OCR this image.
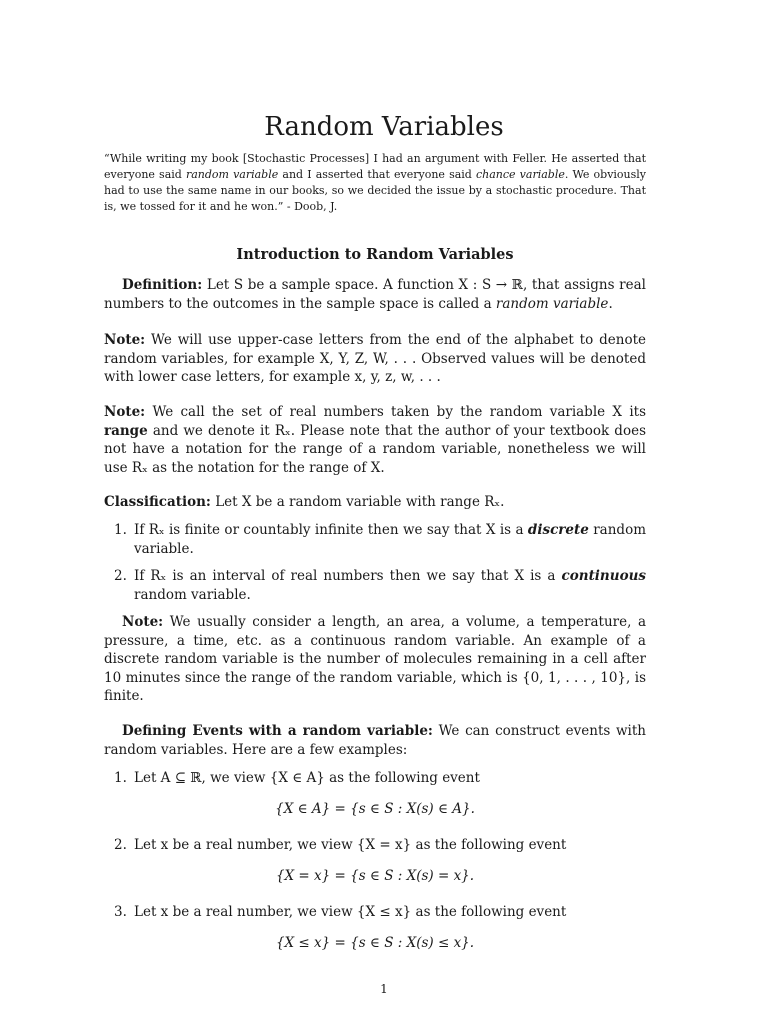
Random Variables
“While writing my book [Stochastic Processes] I had an argument with Feller. He asserted that everyone said random variable and I asserted that everyone said chance variable. We obviously had to use the same name in our books, so we decided the issue by a stochastic procedure. That is, we tossed for it and he won.” - Doob, J.
Introduction to Random Variables
Definition: Let S be a sample space. A function X : S → ℝ, that assigns real numbers to the outcomes in the sample space is called a random variable.
Note: We will use upper-case letters from the end of the alphabet to denote random variables, for example X, Y, Z, W, . . . Observed values will be denoted with lower case letters, for example x, y, z, w, . . .
Note: We call the set of real numbers taken by the random variable X its range and we denote it Rₓ. Please note that the author of your textbook does not have a notation for the range of a random variable, nonetheless we will use Rₓ as the notation for the range of X.
Classification: Let X be a random variable with range Rₓ.
1. If Rₓ is finite or countably infinite then we say that X is a discrete random variable.
2. If Rₓ is an interval of real numbers then we say that X is a continuous random variable.
Note: We usually consider a length, an area, a volume, a temperature, a pressure, a time, etc. as a continuous random variable. An example of a discrete random variable is the number of molecules remaining in a cell after 10 minutes since the range of the random variable, which is {0, 1, . . . , 10}, is finite.
Defining Events with a random variable: We can construct events with random variables. Here are a few examples:
1. Let A ⊆ ℝ, we view {X ∈ A} as the following event
{X ∈ A} = {s ∈ S : X(s) ∈ A}.
2. Let x be a real number, we view {X = x} as the following event
{X = x} = {s ∈ S : X(s) = x}.
3. Let x be a real number, we view {X ≤ x} as the following event
{X ≤ x} = {s ∈ S : X(s) ≤ x}.
1
